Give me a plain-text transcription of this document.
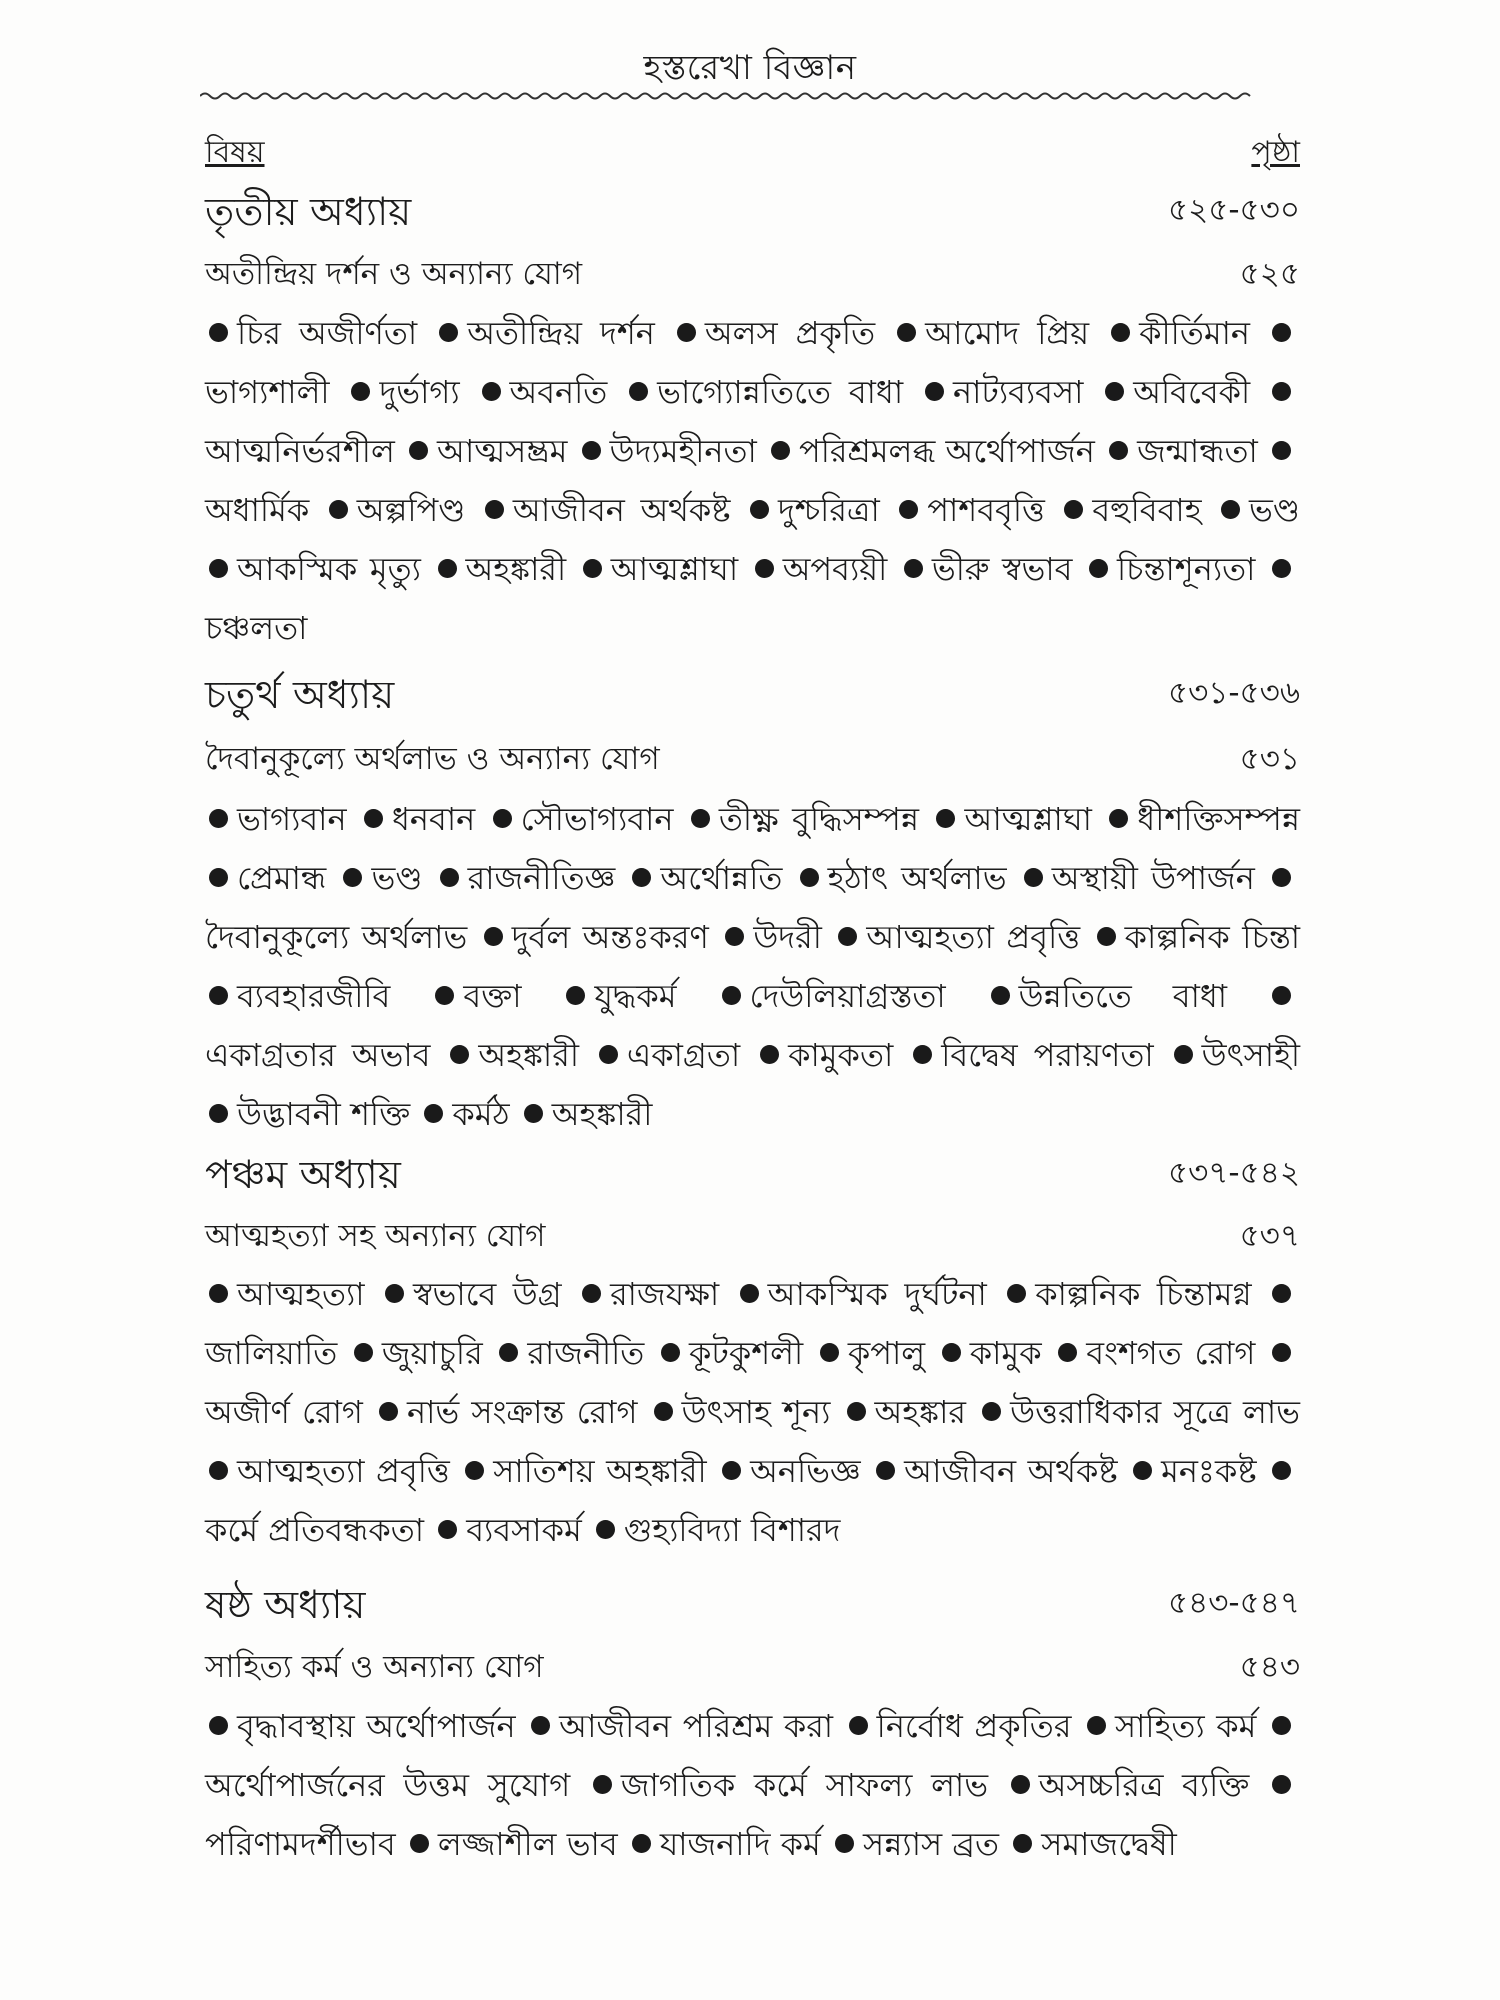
হস্তরেখা বিজ্ঞান
বিষয়	পৃষ্ঠা
তৃতীয় অধ্যায়	৫২৫-৫৩০
অতীন্দ্রিয় দর্শন ও অন্যান্য যোগ	৫২৫
চির অজীর্ণতা অতীন্দ্রিয় দর্শন অলস প্রকৃতি আমোদ প্রিয় কীর্তিমান ভাগ্যশালী দুর্ভাগ্য অবনতি ভাগ্যোন্নতিতে বাধা নাট্যব্যবসা অবিবেকী আত্মনির্ভরশীল আত্মসম্ভ্রম উদ্যমহীনতা পরিশ্রমলব্ধ অর্থোপার্জন জন্মান্ধতা অধার্মিক অল্পপিণ্ড আজীবন অর্থকষ্ট দুশ্চরিত্রা পাশববৃত্তি বহুবিবাহ ভণ্ড আকস্মিক মৃত্যু অহঙ্কারী আত্মশ্লাঘা অপব্যয়ী ভীরু স্বভাব চিন্তাশূন্যতা চঞ্চলতা
চতুর্থ অধ্যায়	৫৩১-৫৩৬
দৈবানুকূল্যে অর্থলাভ ও অন্যান্য যোগ	৫৩১
ভাগ্যবান ধনবান সৌভাগ্যবান তীক্ষ্ণ বুদ্ধিসম্পন্ন আত্মশ্লাঘা ধীশক্তিসম্পন্ন প্রেমান্ধ ভণ্ড রাজনীতিজ্ঞ অর্থোন্নতি হঠাৎ অর্থলাভ অস্থায়ী উপার্জন দৈবানুকূল্যে অর্থলাভ দুর্বল অন্তঃকরণ উদরী আত্মহত্যা প্রবৃত্তি কাল্পনিক চিন্তা ব্যবহারজীবি বক্তা যুদ্ধকর্ম দেউলিয়াগ্রস্ততা উন্নতিতে বাধা একাগ্রতার অভাব অহঙ্কারী একাগ্রতা কামুকতা বিদ্বেষ পরায়ণতা উৎসাহী উদ্ভাবনী শক্তি কর্মঠ অহঙ্কারী
পঞ্চম অধ্যায়	৫৩৭-৫৪২
আত্মহত্যা সহ অন্যান্য যোগ	৫৩৭
আত্মহত্যা স্বভাবে উগ্র রাজযক্ষা আকস্মিক দুর্ঘটনা কাল্পনিক চিন্তামগ্ন জালিয়াতি জুয়াচুরি রাজনীতি কূটকুশলী কৃপালু কামুক বংশগত রোগ অজীর্ণ রোগ নার্ভ সংক্রান্ত রোগ উৎসাহ শূন্য অহঙ্কার উত্তরাধিকার সূত্রে লাভ আত্মহত্যা প্রবৃত্তি সাতিশয় অহঙ্কারী অনভিজ্ঞ আজীবন অর্থকষ্ট মনঃকষ্ট কর্মে প্রতিবন্ধকতা ব্যবসাকর্ম গুহ্যবিদ্যা বিশারদ
ষষ্ঠ অধ্যায়	৫৪৩-৫৪৭
সাহিত্য কর্ম ও অন্যান্য যোগ	৫৪৩
বৃদ্ধাবস্থায় অর্থোপার্জন আজীবন পরিশ্রম করা নির্বোধ প্রকৃতির সাহিত্য কর্ম অর্থোপার্জনের উত্তম সুযোগ জাগতিক কর্মে সাফল্য লাভ অসচ্চরিত্র ব্যক্তি পরিণামদর্শীভাব লজ্জাশীল ভাব যাজনাদি কর্ম সন্ন্যাস ব্রত সমাজদ্বেষী
